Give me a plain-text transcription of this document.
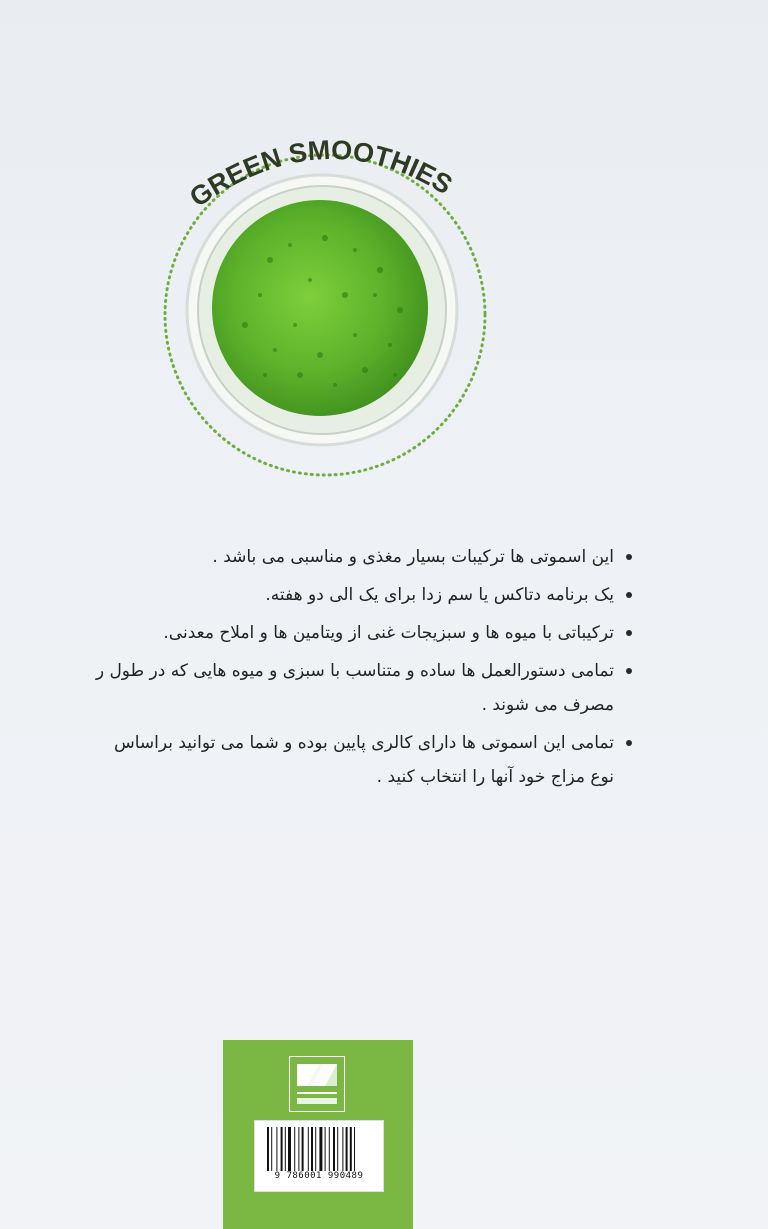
GREEN SMOOTHIES
این اسموتی ها ترکیبات بسیار مغذی و مناسبی می باشد .
یک برنامه دتاکس یا سم زدا برای یک الی دو هفته.
ترکیباتی با میوه ها و سبزیجات غنی از ویتامین ها و املاح معدنی.
تمامی دستورالعمل ها ساده و متناسب با سبزی و میوه هایی که در طول ر
مصرف می شوند .
تمامی این اسموتی ها دارای کالری پایین بوده و شما می توانید براساس
نوع مزاج خود آنها را انتخاب کنید .
9 786001 990489
